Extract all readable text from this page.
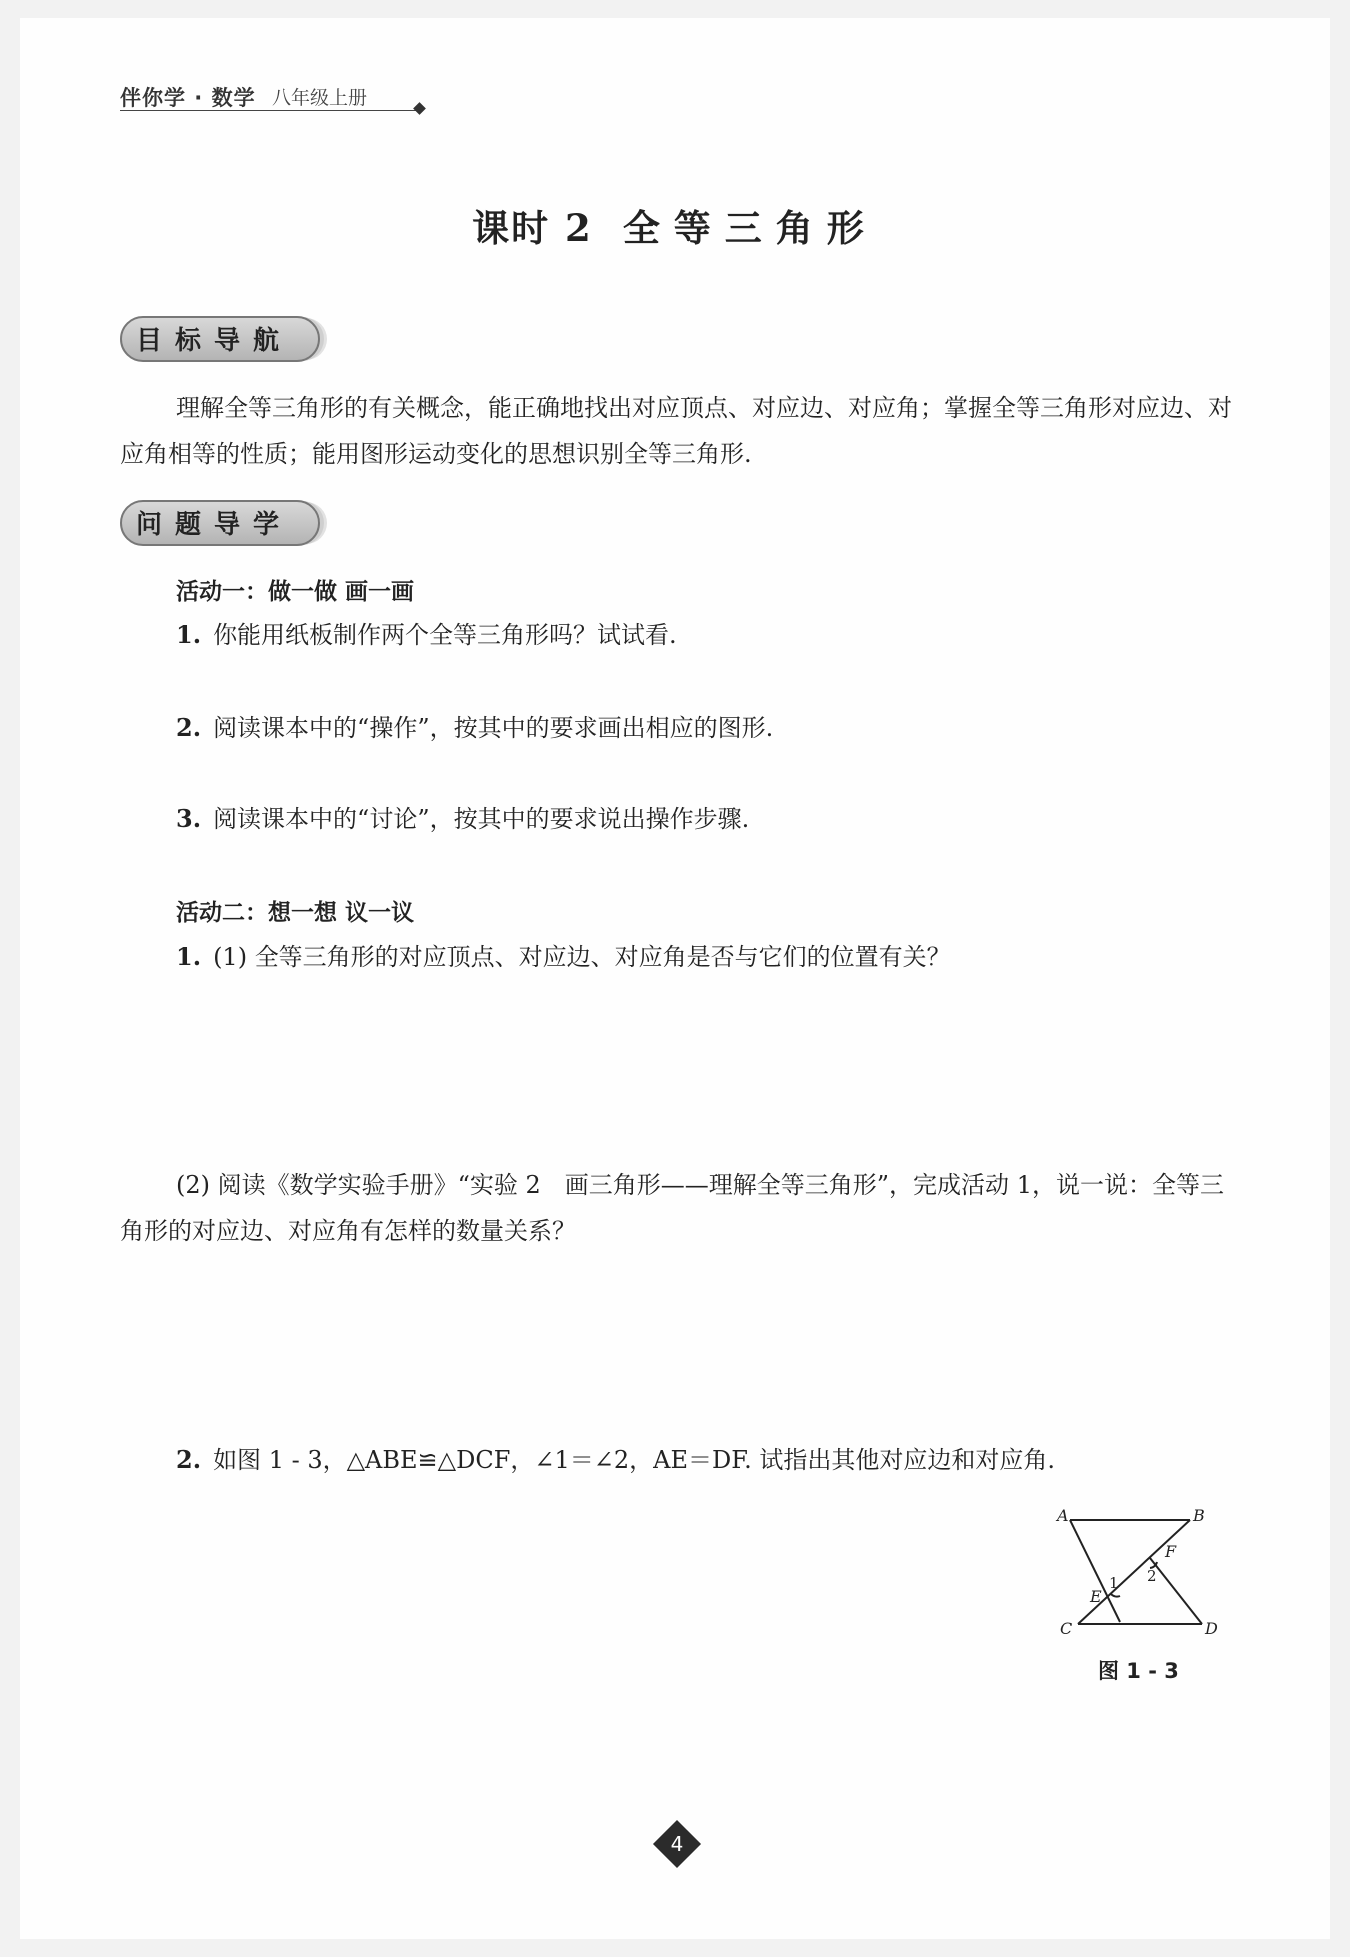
伴你学 · 数学 八年级上册
课时 2 全等三角形
目标导航
理解全等三角形的有关概念，能正确地找出对应顶点、对应边、对应角；掌握全等三角形对应边、对应角相等的性质；能用图形运动变化的思想识别全等三角形.
问题导学
活动一：做一做 画一画
1. 你能用纸板制作两个全等三角形吗？试试看.
2. 阅读课本中的“操作”，按其中的要求画出相应的图形.
3. 阅读课本中的“讨论”，按其中的要求说出操作步骤.
活动二：想一想 议一议
1. (1) 全等三角形的对应顶点、对应边、对应角是否与它们的位置有关？
(2) 阅读《数学实验手册》“实验 2　画三角形——理解全等三角形”，完成活动 1，说一说：全等三角形的对应边、对应角有怎样的数量关系？
2. 如图 1 - 3，△ABE≌△DCF，∠1＝∠2，AE＝DF. 试指出其他对应边和对应角.
A	B
C	D
E
F
1 2
图 1 - 3
4
